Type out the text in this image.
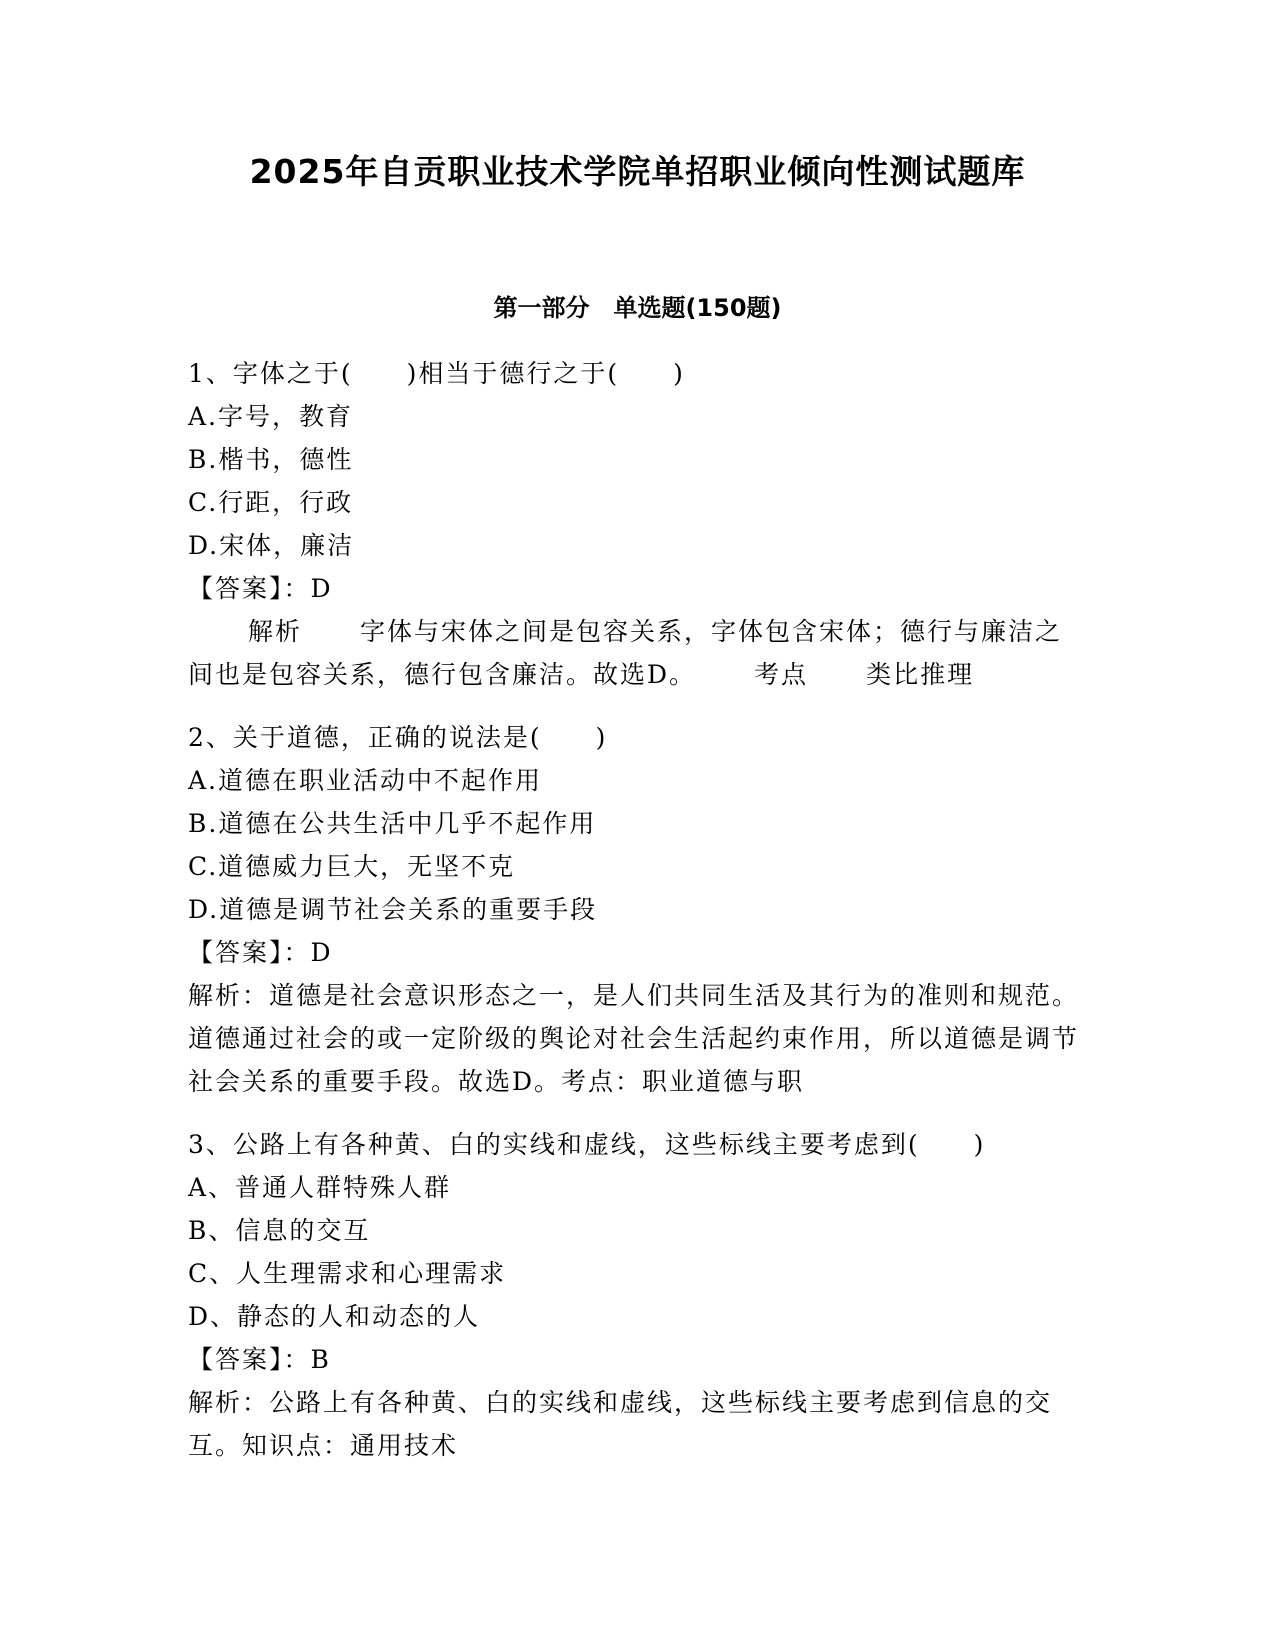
2025年自贡职业技术学院单招职业倾向性测试题库
第一部分　单选题(150题)
1、字体之于(　　)相当于德行之于(　　)
A.字号，教育
B.楷书，德性
C.行距，行政
D.宋体，廉洁
【答案】：D

解析 字体与宋体之间是包容关系，字体包含宋体；德行与廉洁之间也是包容关系，德行包含廉洁。故选D。 考点 类比推理

2、关于道德，正确的说法是(　　)
A.道德在职业活动中不起作用
B.道德在公共生活中几乎不起作用
C.道德威力巨大，无坚不克
D.道德是调节社会关系的重要手段
【答案】：D

解析：道德是社会意识形态之一，是人们共同生活及其行为的准则和规范。道德通过社会的或一定阶级的舆论对社会生活起约束作用，所以道德是调节社会关系的重要手段。故选D。考点：职业道德与职

3、公路上有各种黄、白的实线和虚线，这些标线主要考虑到(　　)
A、普通人群特殊人群
B、信息的交互
C、人生理需求和心理需求
D、静态的人和动态的人
【答案】：B

解析：公路上有各种黄、白的实线和虚线，这些标线主要考虑到信息的交互。知识点：通用技术
